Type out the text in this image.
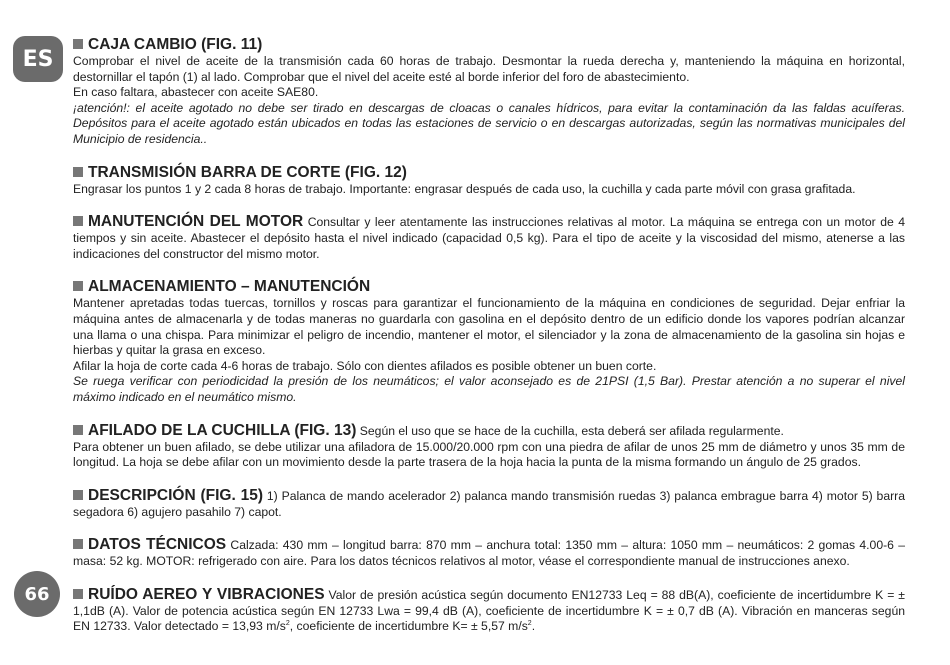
ES
66
CAJA CAMBIO (FIG. 11)

Comprobar el nivel de aceite de la transmisión cada 60 horas de trabajo. Desmontar la rueda derecha y, manteniendo la máquina en horizontal, destornillar el tapón (1) al lado. Comprobar que el nivel del aceite esté al borde inferior del foro de abastecimiento.

En caso faltara, abastecer con aceite SAE80.

¡atención!: el aceite agotado no debe ser tirado en descargas de cloacas o canales hídricos, para evitar la contaminación da las faldas acuíferas. Depósitos para el aceite agotado están ubicados en todas las estaciones de servicio o en descargas autorizadas, según las normativas municipales del Municipio de residencia..

TRANSMISIÓN BARRA DE CORTE (FIG. 12)

Engrasar los puntos 1 y 2 cada 8 horas de trabajo. Importante: engrasar después de cada uso, la cuchilla y cada parte móvil con grasa grafitada.

MANUTENCIÓN DEL MOTOR Consultar y leer atentamente las instrucciones relativas al motor. La máquina se entrega con un motor de 4 tiempos y sin aceite. Abastecer el depósito hasta el nivel indicado (capacidad 0,5 kg). Para el tipo de aceite y la viscosidad del mismo, atenerse a las indicaciones del constructor del mismo motor.

ALMACENAMIENTO – MANUTENCIÓN

Mantener apretadas todas tuercas, tornillos y roscas para garantizar el funcionamiento de la máquina en condiciones de seguridad. Dejar enfriar la máquina antes de almacenarla y de todas maneras no guardarla con gasolina en el depósito dentro de un edificio donde los vapores podrían alcanzar una llama o una chispa. Para minimizar el peligro de incendio, mantener el motor, el silenciador y la zona de almacenamiento de la gasolina sin hojas e hierbas y quitar la grasa en exceso.

Afilar la hoja de corte cada 4-6 horas de trabajo. Sólo con dientes afilados es posible obtener un buen corte.

Se ruega verificar con periodicidad la presión de los neumáticos; el valor aconsejado es de 21PSI (1,5 Bar). Prestar atención a no superar el nivel máximo indicado en el neumático mismo.

AFILADO DE LA CUCHILLA (FIG. 13) Según el uso que se hace de la cuchilla, esta deberá ser afilada regularmente.

Para obtener un buen afilado, se debe utilizar una afiladora de 15.000/20.000 rpm con una piedra de afilar de unos 25 mm de diámetro y unos 35 mm de longitud. La hoja se debe afilar con un movimiento desde la parte trasera de la hoja hacia la punta de la misma formando un ángulo de 25 grados.

DESCRIPCIÓN (FIG. 15) 1) Palanca de mando acelerador 2) palanca mando transmisión ruedas 3) palanca embrague barra 4) motor 5) barra segadora 6) agujero pasahilo 7) capot.

DATOS TÉCNICOS Calzada: 430 mm – longitud barra: 870 mm – anchura total: 1350 mm – altura: 1050 mm – neumáticos: 2 gomas 4.00-6 – masa: 52 kg. MOTOR: refrigerado con aire. Para los datos técnicos relativos al motor, véase el correspondiente manual de instrucciones anexo.

RUÍDO AEREO Y VIBRACIONES Valor de presión acústica según documento EN12733 Leq = 88 dB(A), coeficiente de incertidumbre K = ± 1,1dB (A). Valor de potencia acústica según EN 12733 Lwa = 99,4 dB (A), coeficiente de incertidumbre K = ± 0,7 dB (A). Vibración en manceras según EN 12733. Valor detectado = 13,93 $m/s^2$, coeficiente de incertidumbre K= ± 5,57 $m/s^2$.
